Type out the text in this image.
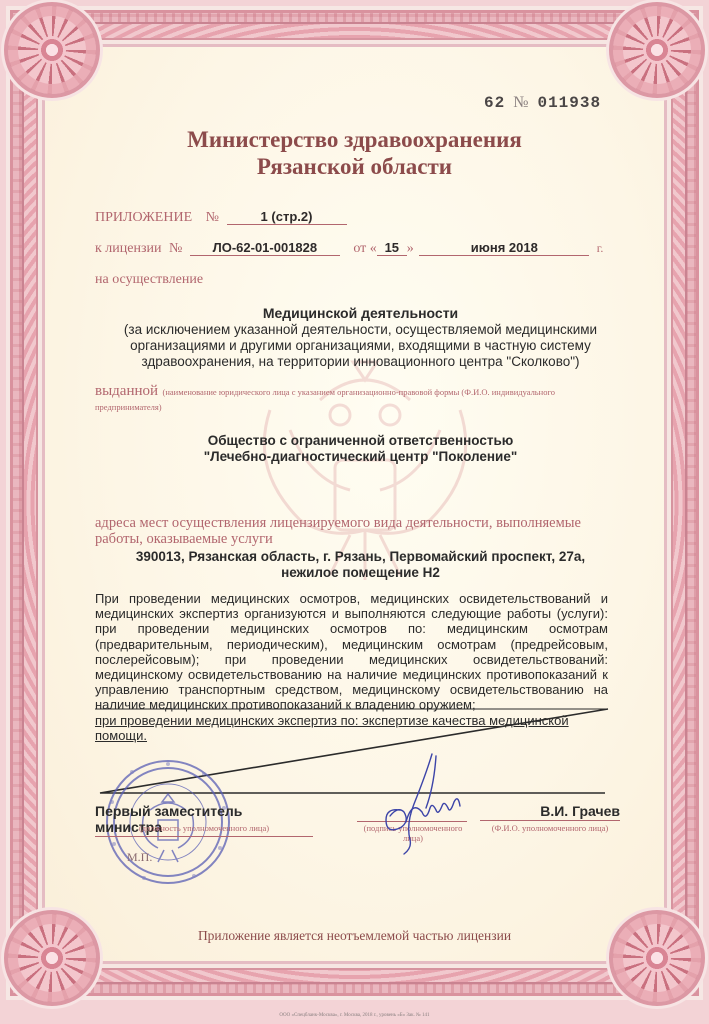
62 № 011938
Министерство здравоохранения
Рязанской области
ПРИЛОЖЕНИЕ №	1 (стр.2)
к лицензии № ЛО-62-01-001828	от « 15 »	июня 2018	г.
на осуществление
Медицинской деятельности
(за исключением указанной деятельности, осуществляемой медицинскими организациями и другими организациями, входящими в частную систему здравоохранения, на территории инновационного центра "Сколково")
выданной (наименование юридического лица с указанием организационно-правовой формы (Ф.И.О. индивидуального предпринимателя)
Общество с ограниченной ответственностью
"Лечебно-диагностический центр "Поколение"
адреса мест осуществления лицензируемого вида деятельности, выполняемые работы, оказываемые услуги
390013, Рязанская область, г. Рязань, Первомайский проспект, 27а,
нежилое помещение Н2
При проведении медицинских осмотров, медицинских освидетельствований и медицинских экспертиз организуются и выполняются следующие работы (услуги): при проведении медицинских осмотров по: медицинским осмотрам (предварительным, периодическим), медицинским осмотрам (предрейсовым, послерейсовым); при проведении медицинских освидетельствований: медицинскому освидетельствованию на наличие медицинских противопоказаний к управлению транспортным средством, медицинскому освидетельствованию на наличие медицинских противопоказаний к владению оружием;
при проведении медицинских экспертиз по: экспертизе качества медицинской помощи.
Первый заместитель министра
(должность уполномоченного лица)	(подпись уполномоченного лица)
В.И. Грачев
(Ф.И.О. уполномоченного лица)
М.П.
Приложение является неотъемлемой частью лицензии
ООО «Спецбланк-Москва», г. Москва, 2018 г., уровень «Б» Зак. № 141
